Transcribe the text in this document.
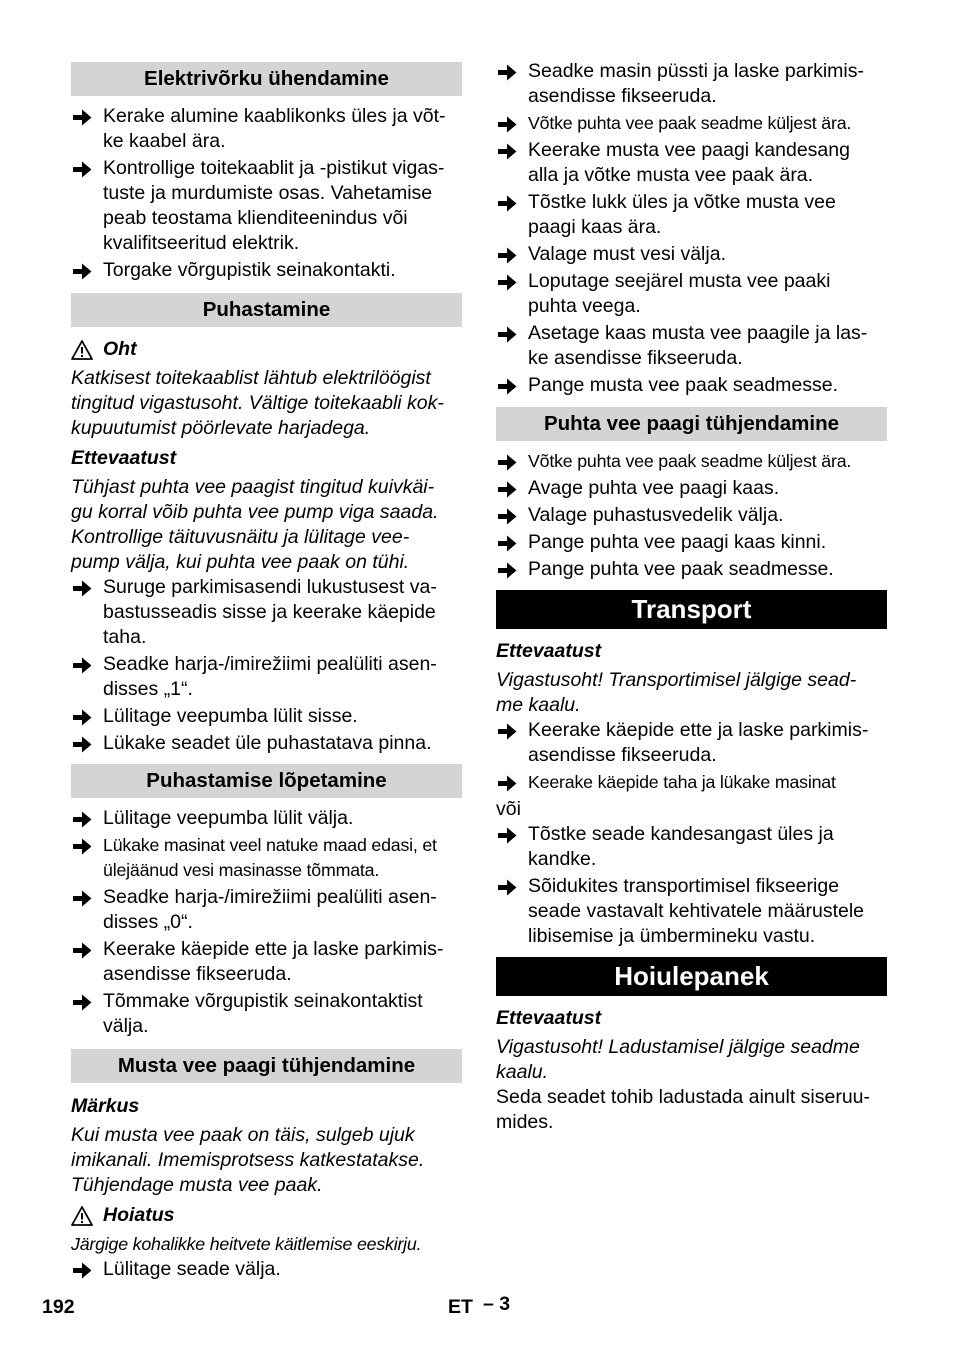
Elektrivõrku ühendamine
Kerake alumine kaablikonks üles ja võt-
ke kaabel ära.
Kontrollige toitekaablit ja -pistikut vigas-
tuste ja murdumiste osas. Vahetamise
peab teostama klienditeenindus või
kvalifitseeritud elektrik.
Torgake võrgupistik seinakontakti.
Puhastamine
Oht
Katkisest toitekaablist lähtub elektrilöögist
tingitud vigastusoht. Vältige toitekaabli kok-
kupuutumist pöörlevate harjadega.
Ettevaatust
Tühjast puhta vee paagist tingitud kuivkäi-
gu korral võib puhta vee pump viga saada.
Kontrollige täituvusnäitu ja lülitage vee-
pump välja, kui puhta vee paak on tühi.
Suruge parkimisasendi lukustusest va-
bastusseadis sisse ja keerake käepide
taha.
Seadke harja-/imirežiimi pealüliti asen-
disses „1“.
Lülitage veepumba lülit sisse.
Lükake seadet üle puhastatava pinna.
Puhastamise lõpetamine
Lülitage veepumba lülit välja.
Lükake masinat veel natuke maad edasi, et
ülejäänud vesi masinasse tõmmata.
Seadke harja-/imirežiimi pealüliti asen-
disses „0“.
Keerake käepide ette ja laske parkimis-
asendisse fikseeruda.
Tõmmake võrgupistik seinakontaktist
välja.
Musta vee paagi tühjendamine
Märkus
Kui musta vee paak on täis, sulgeb ujuk
imikanali. Imemisprotsess katkestatakse.
Tühjendage musta vee paak.
Hoiatus
Järgige kohalikke heitvete käitlemise eeskirju.
Lülitage seade välja.
Seadke masin püssti ja laske parkimis-
asendisse fikseeruda.
Võtke puhta vee paak seadme küljest ära.
Keerake musta vee paagi kandesang
alla ja võtke musta vee paak ära.
Tõstke lukk üles ja võtke musta vee
paagi kaas ära.
Valage must vesi välja.
Loputage seejärel musta vee paaki
puhta veega.
Asetage kaas musta vee paagile ja las-
ke asendisse fikseeruda.
Pange musta vee paak seadmesse.
Puhta vee paagi tühjendamine
Võtke puhta vee paak seadme küljest ära.
Avage puhta vee paagi kaas.
Valage puhastusvedelik välja.
Pange puhta vee paagi kaas kinni.
Pange puhta vee paak seadmesse.
Transport
Ettevaatust
Vigastusoht! Transportimisel jälgige sead-
me kaalu.
Keerake käepide ette ja laske parkimis-
asendisse fikseeruda.
Keerake käepide taha ja lükake masinat
või
Tõstke seade kandesangast üles ja
kandke.
Sõidukites transportimisel fikseerige
seade vastavalt kehtivatele määrustele
libisemise ja ümbermineku vastu.
Hoiulepanek
Ettevaatust
Vigastusoht! Ladustamisel jälgige seadme
kaalu.
Seda seadet tohib ladustada ainult siseruu-
mides.
192	ET – 3
